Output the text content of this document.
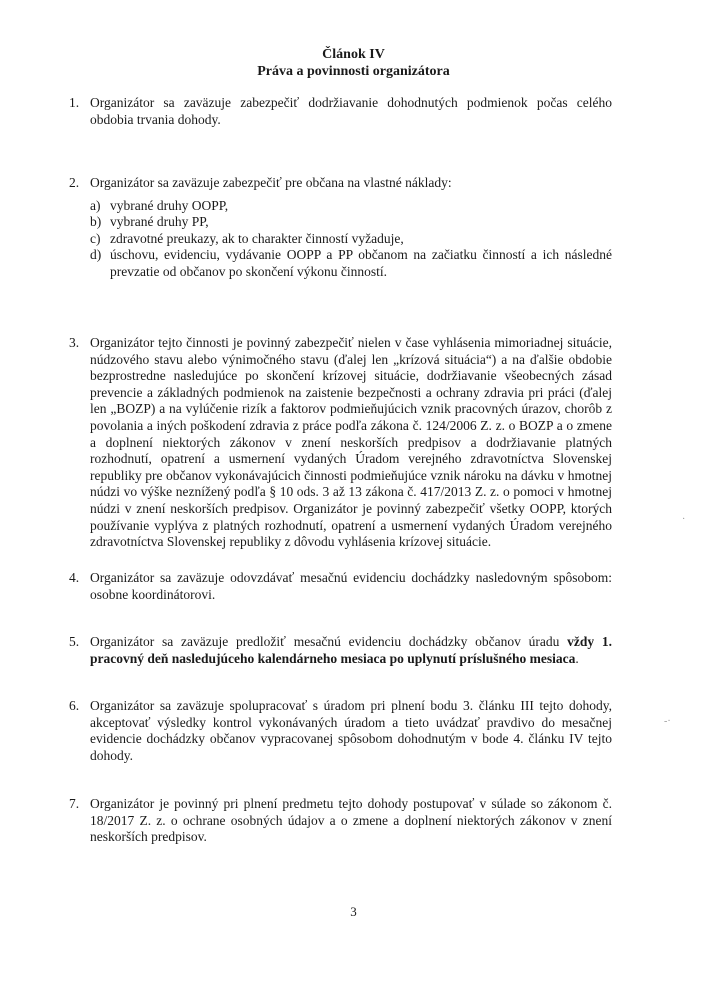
Článok IV
Práva a povinnosti organizátora
1. Organizátor sa zaväzuje zabezpečiť dodržiavanie dohodnutých podmienok počas celého obdobia trvania dohody.

2. Organizátor sa zaväzuje zabezpečiť pre občana na vlastné náklady:

a) vybrané druhy OOPP,
b) vybrané druhy PP,
c) zdravotné preukazy, ak to charakter činností vyžaduje,
d) úschovu, evidenciu, vydávanie OOPP a PP občanom na začiatku činností a ich následné prevzatie od občanov po skončení výkonu činností.
3. Organizátor tejto činnosti je povinný zabezpečiť nielen v čase vyhlásenia mimoriadnej situácie, núdzového stavu alebo výnimočného stavu (ďalej len „krízová situácia“) a na ďalšie obdobie bezprostredne nasledujúce po skončení krízovej situácie, dodržiavanie všeobecných zásad prevencie a základných podmienok na zaistenie bezpečnosti a ochrany zdravia pri práci (ďalej len „BOZP) a na vylúčenie rizík a faktorov podmieňujúcich vznik pracovných úrazov, chorôb z povolania a iných poškodení zdravia z práce podľa zákona č. 124/2006 Z. z. o BOZP a o zmene a doplnení niektorých zákonov v znení neskorších predpisov a dodržiavanie platných rozhodnutí, opatrení a usmernení vydaných Úradom verejného zdravotníctva Slovenskej republiky pre občanov vykonávajúcich činnosti podmieňujúce vznik nároku na dávku v hmotnej núdzi vo výške neznížený podľa § 10 ods. 3 až 13 zákona č. 417/2013 Z. z. o pomoci v hmotnej núdzi v znení neskorších predpisov. Organizátor je povinný zabezpečiť všetky OOPP, ktorých používanie vyplýva z platných rozhodnutí, opatrení a usmernení vydaných Úradom verejného zdravotníctva Slovenskej republiky z dôvodu vyhlásenia krízovej situácie.

4. Organizátor sa zaväzuje odovzdávať mesačnú evidenciu dochádzky nasledovným spôsobom: osobne koordinátorovi.

5. Organizátor sa zaväzuje predložiť mesačnú evidenciu dochádzky občanov úradu vždy 1. pracovný deň nasledujúceho kalendárneho mesiaca po uplynutí príslušného mesiaca.

6. Organizátor sa zaväzuje spolupracovať s úradom pri plnení bodu 3. článku III tejto dohody, akceptovať výsledky kontrol vykonávaných úradom a tieto uvádzať pravdivo do mesačnej evidencie dochádzky občanov vypracovanej spôsobom dohodnutým v bode 4. článku IV tejto dohody.

7. Organizátor je povinný pri plnení predmetu tejto dohody postupovať v súlade so zákonom č. 18/2017 Z. z. o ochrane osobných údajov a o zmene a doplnení niektorých zákonov v znení neskorších predpisov.

3
·
-·
